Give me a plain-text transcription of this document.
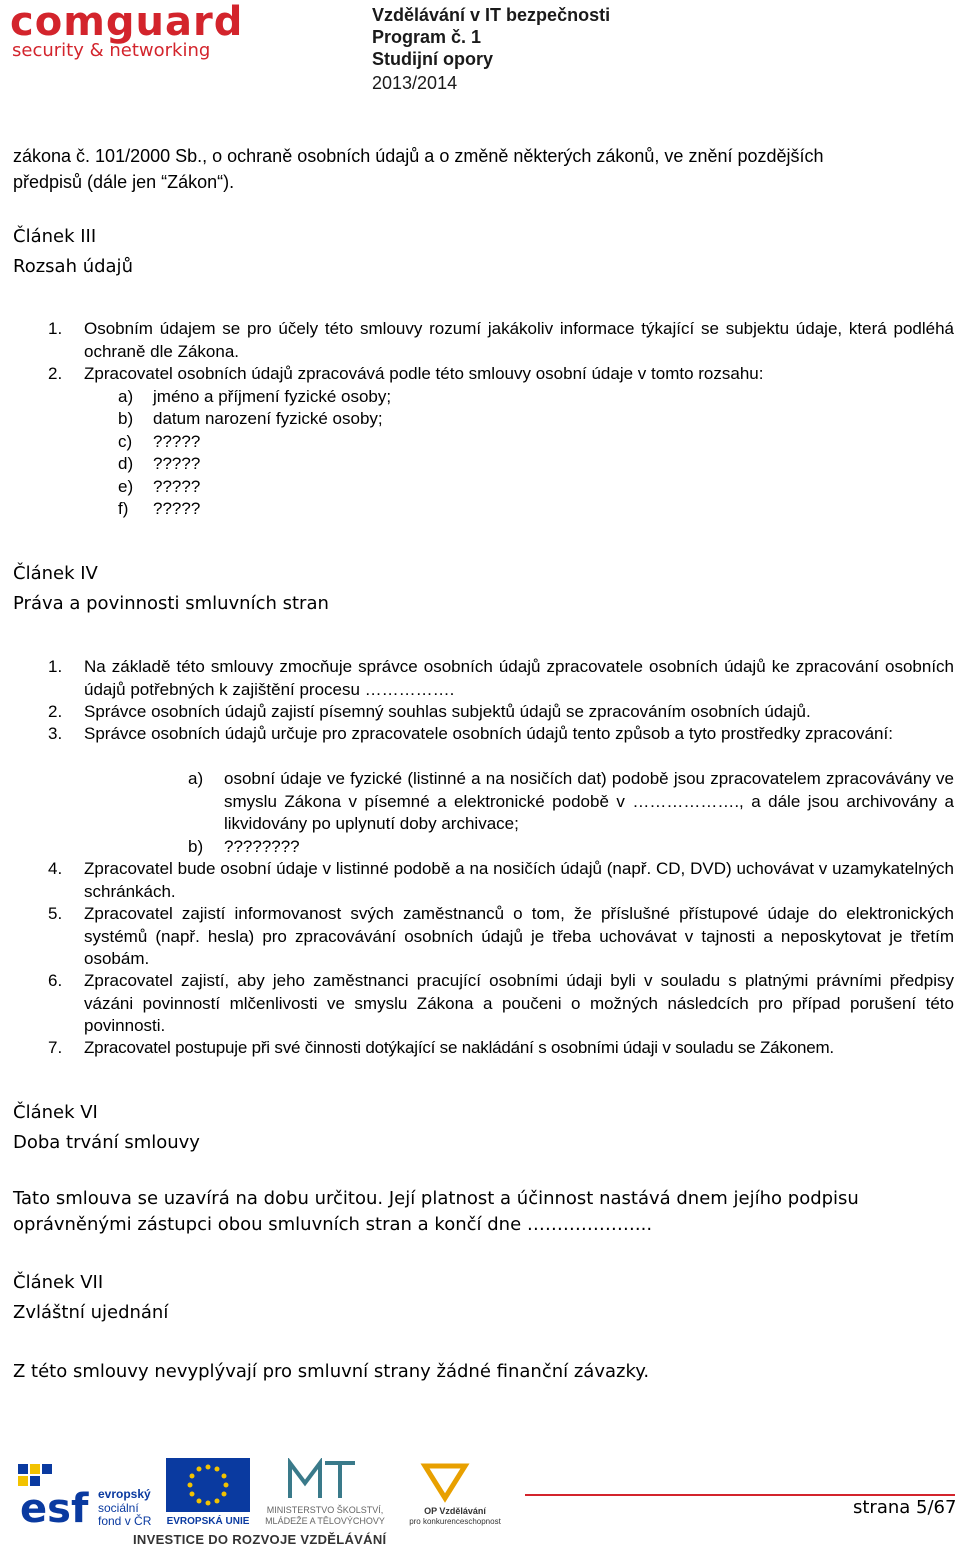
comguard
security & networking
Vzdělávání v IT bezpečnosti
Program č. 1
Studijní opory
2013/2014
zákona č. 101/2000 Sb., o ochraně osobních údajů a o změně některých zákonů, ve znění pozdějších
předpisů (dále jen “Zákon“).
Článek III
Rozsah údajů
1.	Osobním údajem se pro účely této smlouvy rozumí jakákoliv informace týkající se subjektu údaje, která podléhá ochraně dle Zákona.
2.	Zpracovatel osobních údajů zpracovává podle této smlouvy osobní údaje v tomto rozsahu:
a) jméno a příjmení fyzické osoby;
b) datum narození fyzické osoby;
c) ?????
d) ?????
e) ?????
f) ?????
Článek IV
Práva a povinnosti smluvních stran
1.	Na základě této smlouvy zmocňuje správce osobních údajů zpracovatele osobních údajů ke zpracování osobních údajů potřebných k zajištění procesu …………….
2.	Správce osobních údajů zajistí písemný souhlas subjektů údajů se zpracováním osobních údajů.
3.	Správce osobních údajů určuje pro zpracovatele osobních údajů tento způsob a tyto prostředky zpracování:
a) osobní údaje ve fyzické (listinné a na nosičích dat) podobě jsou zpracovatelem zpracovávány ve smyslu Zákona v písemné a elektronické podobě v ………………., a dále jsou archivovány a likvidovány po uplynutí doby archivace;
b) ????????
4.	Zpracovatel bude osobní údaje v listinné podobě a na nosičích údajů (např. CD, DVD) uchovávat v uzamykatelných schránkách.
5.	Zpracovatel zajistí informovanost svých zaměstnanců o tom, že příslušné přístupové údaje do elektronických systémů (např. hesla) pro zpracovávání osobních údajů je třeba uchovávat v tajnosti a neposkytovat je třetím osobám.
6.	Zpracovatel zajistí, aby jeho zaměstnanci pracující osobními údaji byli v souladu s platnými právními předpisy vázáni povinností mlčenlivosti ve smyslu Zákona a poučeni o možných následcích pro případ porušení této povinnosti.
7.	Zpracovatel postupuje při své činnosti dotýkající se nakládání s osobními údaji v souladu se Zákonem.
Článek VI
Doba trvání smlouvy
Tato smlouva se uzavírá na dobu určitou. Její platnost a účinnost nastává dnem jejího podpisu oprávněnými zástupci obou smluvních stran a končí dne ………………...
Článek VII
Zvláštní ujednání
Z této smlouvy nevyplývají pro smluvní strany žádné finanční závazky.
esf evropský
sociální
fond v ČR EVROPSKÁ UNIE
MINISTERSTVO ŠKOLSTVÍ,
MLÁDEŽE A TĚLOVÝCHOVY
OP Vzdělávání
pro konkurenceschopnost
INVESTICE DO ROZVOJE VZDĚLÁVÁNÍ
strana 5/67
